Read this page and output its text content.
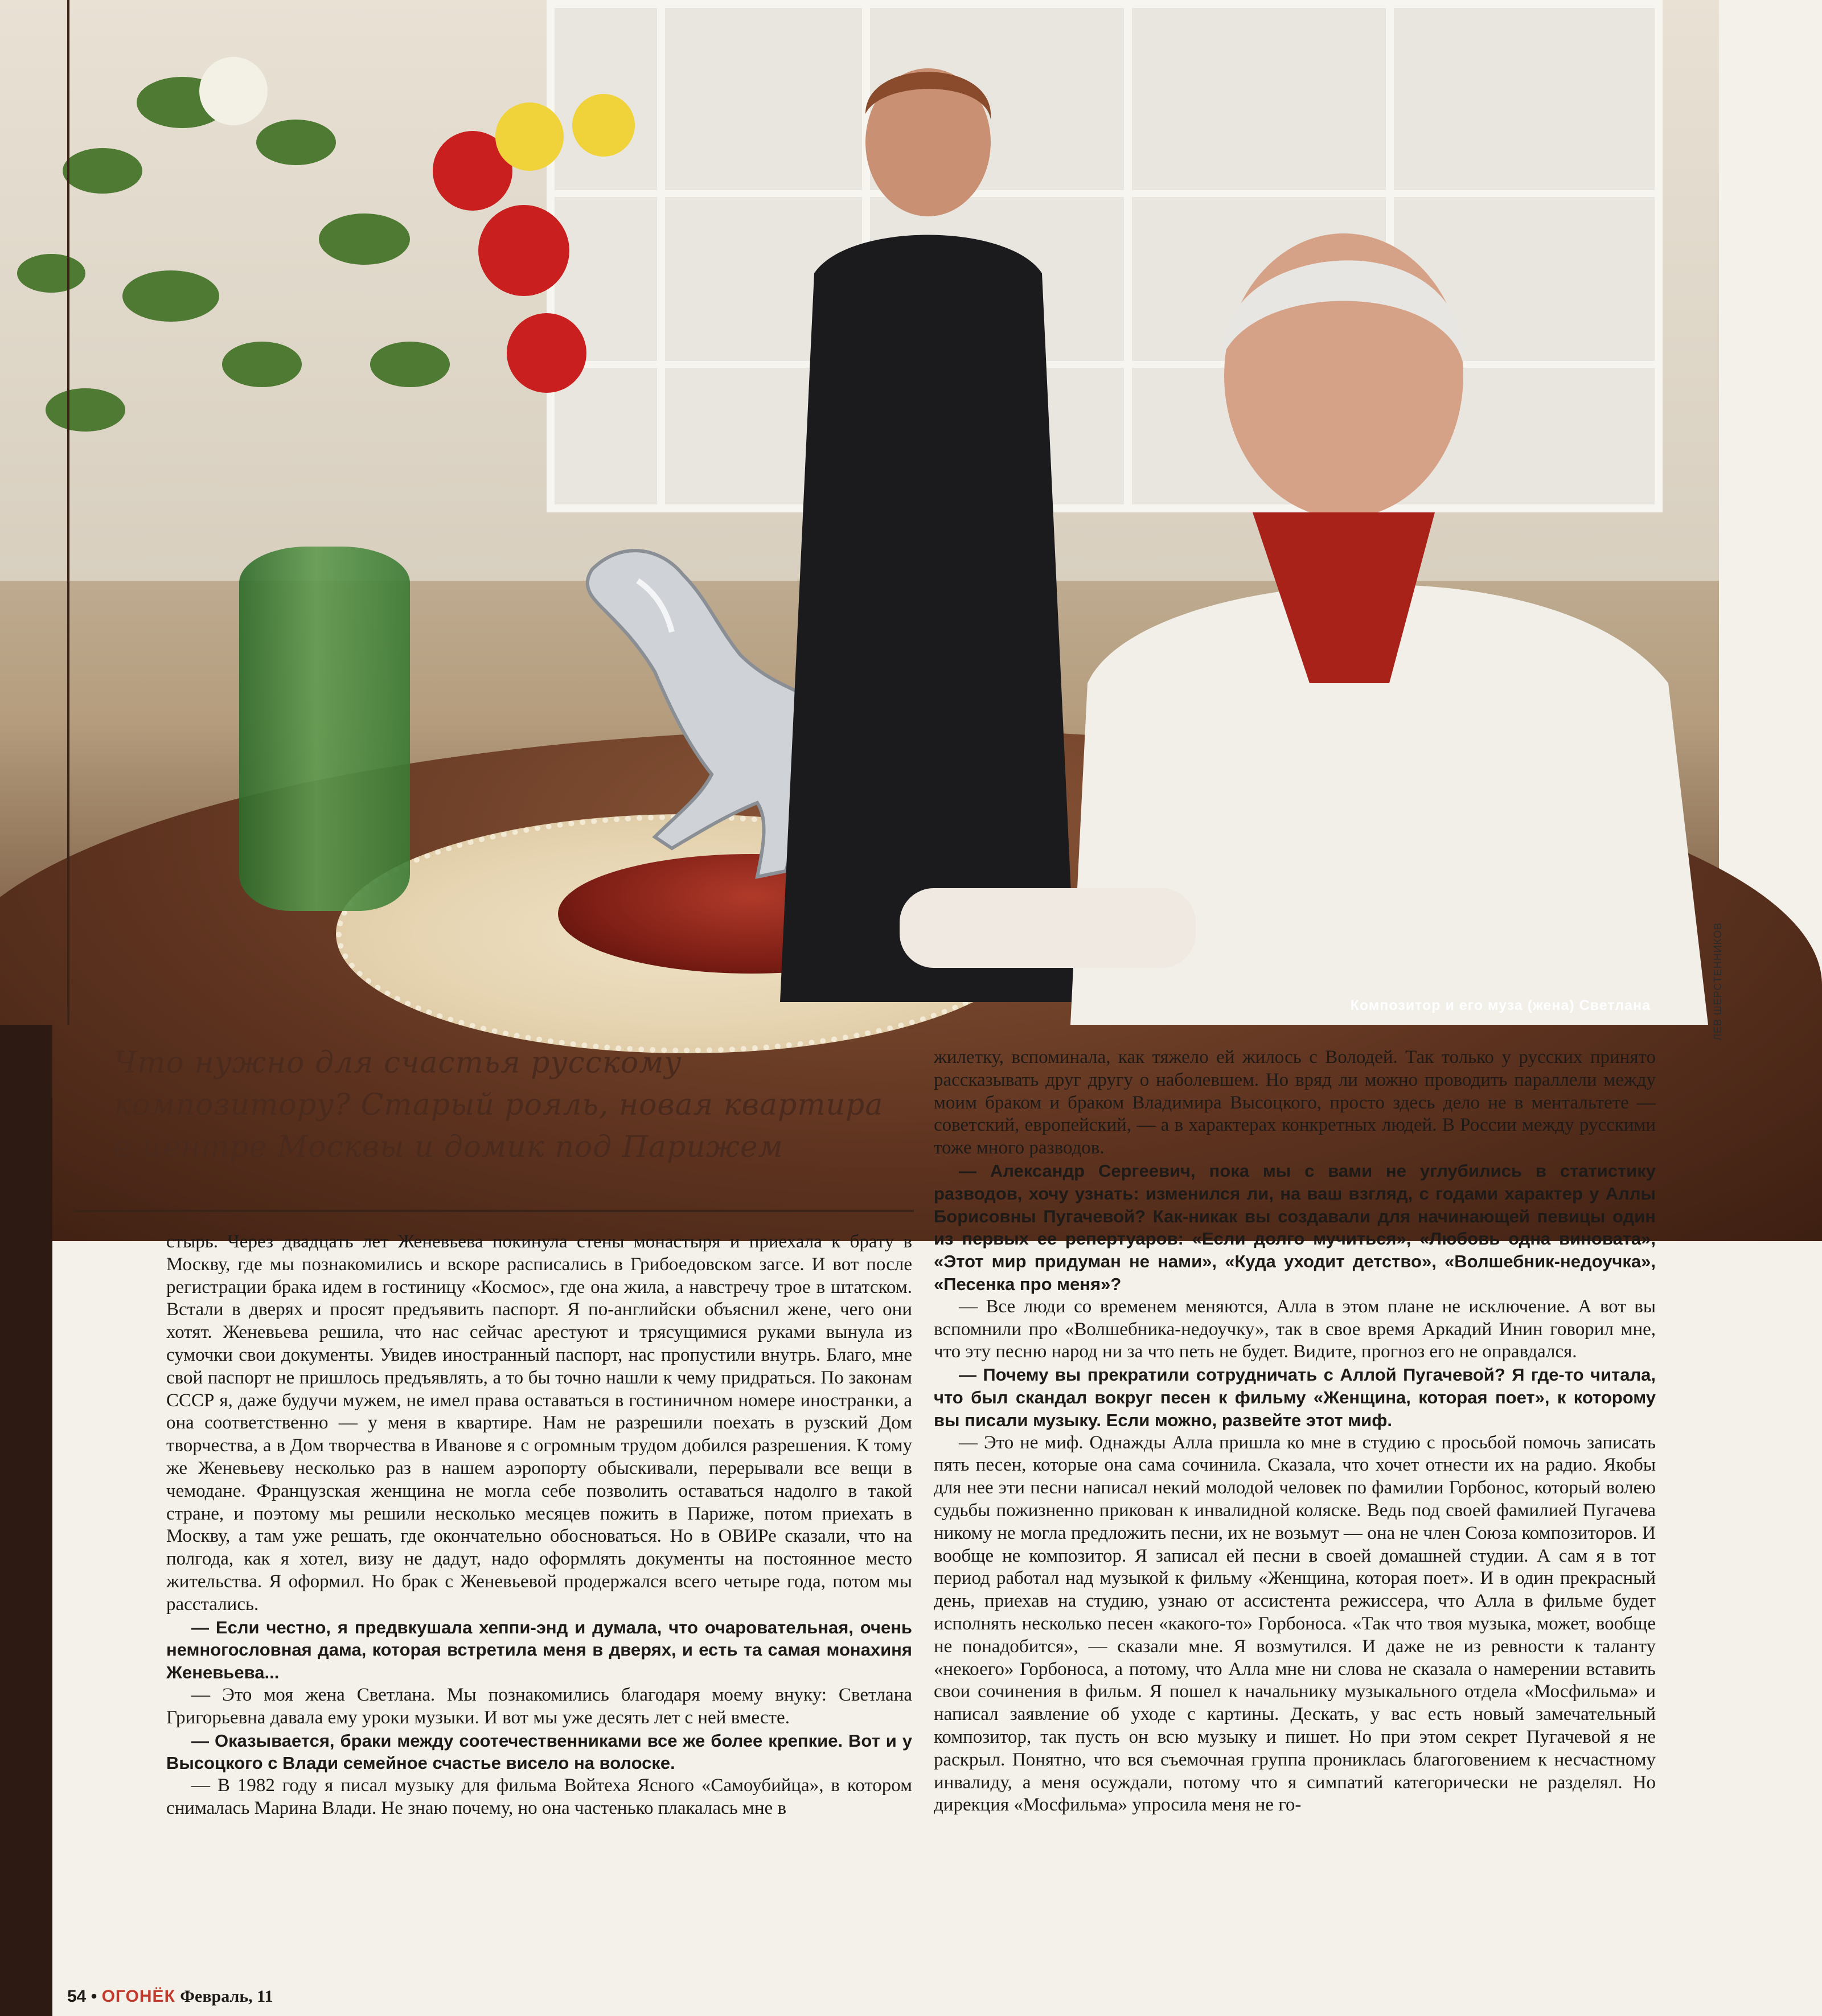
Композитор и его муза (жена) Светлана	ЛЕВ ШЕРСТЕННИКОВ
Что нужно для счастья русскому композитору? Старый рояль, новая квартира в центре Москвы и домик под Парижем

стырь. Через двадцать лет Женевьева покинула стены монастыря и приехала к брату в Москву, где мы познакомились и вскоре расписались в Грибоедовском загсе. И вот после регистрации брака идем в гостиницу «Космос», где она жила, а навстречу трое в штатском. Встали в дверях и просят предъявить паспорт. Я по-английски объяснил жене, чего они хотят. Женевьева решила, что нас сейчас арестуют и трясущимися руками вынула из сумочки свои документы. Увидев иностранный паспорт, нас пропустили внутрь. Благо, мне свой паспорт не пришлось предъявлять, а то бы точно нашли к чему придраться. По законам СССР я, даже будучи мужем, не имел права оставаться в гостиничном номере иностранки, а она соответственно — у меня в квартире. Нам не разрешили поехать в рузский Дом творчества, а в Дом творчества в Иванове я с огромным трудом добился разрешения. К тому же Женевьеву несколько раз в нашем аэропорту обыскивали, перерывали все вещи в чемодане. Французская женщина не могла себе позволить оставаться надолго в такой стране, и поэтому мы решили несколько месяцев пожить в Париже, потом приехать в Москву, а там уже решать, где окончательно обосноваться. Но в ОВИРе сказали, что на полгода, как я хотел, визу не дадут, надо оформлять документы на постоянное место жительства. Я оформил. Но брак с Женевьевой продержался всего четыре года, потом мы расстались.

— Если честно, я предвкушала хеппи-энд и думала, что очаровательная, очень немногословная дама, которая встретила меня в дверях, и есть та самая монахиня Женевьева...

— Это моя жена Светлана. Мы познакомились благодаря моему внуку: Светлана Григорьевна давала ему уроки музыки. И вот мы уже десять лет с ней вместе.

— Оказывается, браки между соотечественниками все же более крепкие. Вот и у Высоцкого с Влади семейное счастье висело на волоске.

— В 1982 году я писал музыку для фильма Войтеха Ясного «Самоубийца», в котором снималась Марина Влади. Не знаю почему, но она частенько плакалась мне в

жилетку, вспоминала, как тяжело ей жилось с Володей. Так только у русских принято рассказывать друг другу о наболевшем. Но вряд ли можно проводить параллели между моим браком и браком Владимира Высоцкого, просто здесь дело не в ментальтете — советский, европейский, — а в характерах конкретных людей. В России между русскими тоже много разводов.

— Александр Сергеевич, пока мы с вами не углубились в статистику разводов, хочу узнать: изменился ли, на ваш взгляд, с годами характер у Аллы Борисовны Пугачевой? Как-никак вы создавали для начинающей певицы один из первых ее репертуаров: «Если долго мучиться», «Любовь одна виновата», «Этот мир придуман не нами», «Куда уходит детство», «Волшебник-недоучка», «Песенка про меня»?

— Все люди со временем меняются, Алла в этом плане не исключение. А вот вы вспомнили про «Волшебника-недоучку», так в свое время Аркадий Инин говорил мне, что эту песню народ ни за что петь не будет. Видите, прогноз его не оправдался.

— Почему вы прекратили сотрудничать с Аллой Пугачевой? Я где-то читала, что был скандал вокруг песен к фильму «Женщина, которая поет», к которому вы писали музыку. Если можно, развейте этот миф.

— Это не миф. Однажды Алла пришла ко мне в студию с просьбой помочь записать пять песен, которые она сама сочинила. Сказала, что хочет отнести их на радио. Якобы для нее эти песни написал некий молодой человек по фамилии Горбонос, который волею судьбы пожизненно прикован к инвалидной коляске. Ведь под своей фамилией Пугачева никому не могла предложить песни, их не возьмут — она не член Союза композиторов. И вообще не композитор. Я записал ей песни в своей домашней студии. А сам я в тот период работал над музыкой к фильму «Женщина, которая поет». И в один прекрасный день, приехав на студию, узнаю от ассистента режиссера, что Алла в фильме будет исполнять несколько песен «какого-то» Горбоноса. «Так что твоя музыка, может, вообще не понадобится», — сказали мне. Я возмутился. И даже не из ревности к таланту «некоего» Горбоноса, а потому, что Алла мне ни слова не сказала о намерении вставить свои сочинения в фильм. Я пошел к начальнику музыкального отдела «Мосфильма» и написал заявление об уходе с картины. Дескать, у вас есть новый замечательный композитор, так пусть он всю музыку и пишет. Но при этом секрет Пугачевой я не раскрыл. Понятно, что вся съемочная группа прониклась благоговением к несчастному инвалиду, а меня осуждали, потому что я симпатий категорически не разделял. Но дирекция «Мосфильма» упросила меня не го-

54 • ОГОНЁК Февраль, 11
